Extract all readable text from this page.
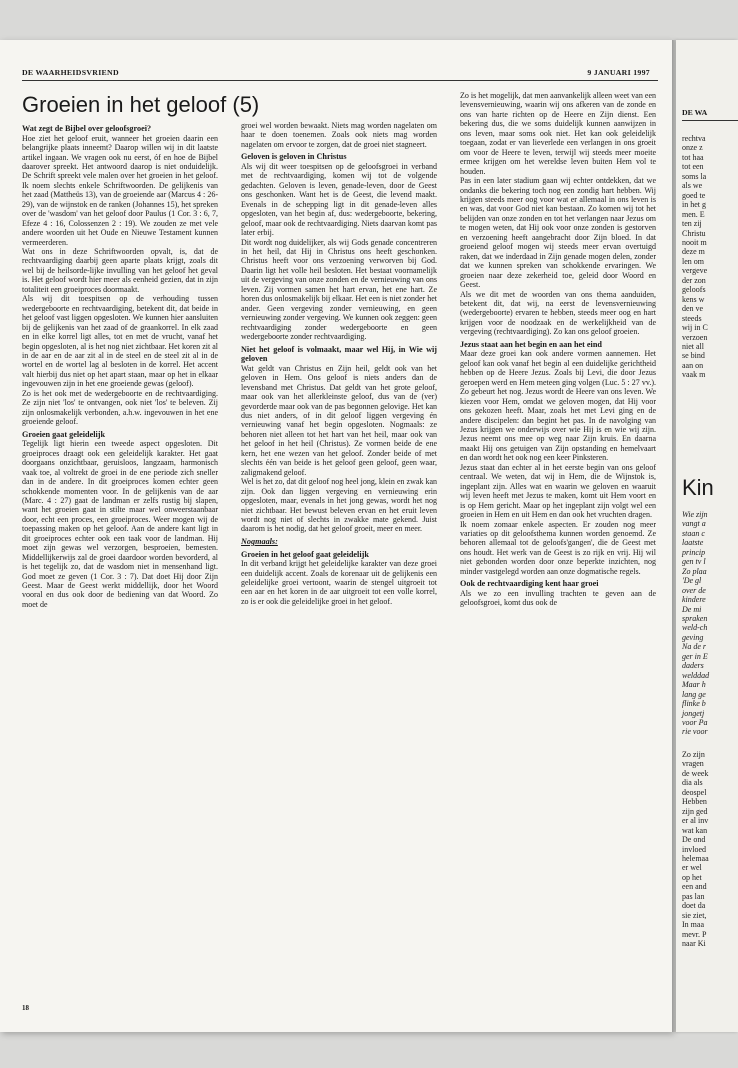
DE WA
rechtva
onze z
tot haa
tot een
soms la
als we
goed te
in het g
men. E
ten zij
Christu
nooit m
deze m
len om
vergeve
der zon
geloofs
kens w
den ve
steeds
wij in C
verzoen
niet all
se bind
aan on
vaak m
Kin
Wie zijn
vangt a
staan c
laatste
princip
gen tv l
Zo plaa
'De gl
over de
kindere
De mi
spraken
weld-ch
geving
Na de r
ger in E
daders
welddad
Maar h
lang ge
flinke b
jongetj
voor Pa
rie voor
Zo zijn
vragen
de week
dia als
deospel
Hebben
zijn ged
er al inv
wat kan
De ond
invloed
helemaa
er wel
op het
een and
pas lan
doet da
sie ziet,
In maa
mevr. P
naar Ki
DE WAARHEIDSVRIEND	9 JANUARI 1997
Groeien in het geloof (5)
Wat zegt de Bijbel over geloofsgroei?

Hoe ziet het geloof eruit, wanneer het groeien daarin een belangrijke plaats inneemt? Daarop willen wij in dit laatste artikel ingaan. We vragen ook nu eerst, óf en hoe de Bijbel daarover spreekt. Het antwoord daarop is niet onduidelijk. De Schrift spreekt vele malen over het groeien in het geloof. Ik noem slechts enkele Schriftwoorden. De gelijkenis van het zaad (Mattheüs 13), van de groeiende aar (Marcus 4 : 26-29), van de wijnstok en de ranken (Johannes 15), het spreken over de 'wasdom' van het geloof door Paulus (1 Cor. 3 : 6, 7, Efeze 4 : 16, Colossenzen 2 : 19). We zouden ze met vele andere woorden uit het Oude en Nieuwe Testament kunnen vermeerderen.

Wat ons in deze Schriftwoorden opvalt, is, dat de rechtvaardiging daarbij geen aparte plaats krijgt, zoals dit wel bij de heilsorde-lijke invulling van het geloof het geval is. Het geloof wordt hier meer als eenheid gezien, dat in zijn totaliteit een groeiproces doormaakt.

Als wij dit toespitsen op de verhouding tussen wedergeboorte en rechtvaardiging, betekent dit, dat beide in het geloof vast liggen opgesloten. We kunnen hier aansluiten bij de gelijkenis van het zaad of de graankorrel. In elk zaad en in elke korrel ligt alles, tot en met de vrucht, vanaf het begin opgesloten, al is het nog niet zichtbaar. Het koren zit al in de aar en de aar zit al in de steel en de steel zit al in de wortel en de wortel lag al besloten in de korrel. Het accent valt hierbij dus niet op het apart staan, maar op het in elkaar ingevouwen zijn in het ene groeiende gewas (geloof).

Zo is het ook met de wedergeboorte en de rechtvaardiging. Ze zijn niet 'los' te ontvangen, ook niet 'los' te beleven. Zij zijn onlosmakelijk verbonden, a.h.w. ingevouwen in het ene groeiende geloof.

Groeien gaat geleidelijk

Tegelijk ligt hierin een tweede aspect opgesloten. Dit groeiproces draagt ook een geleidelijk karakter. Het gaat doorgaans onzichtbaar, geruisloos, langzaam, harmonisch vaak toe, al voltrekt de groei in de ene periode zich sneller dan in de andere. In dit groeiproces komen echter geen schokkende momenten voor. In de gelijkenis van de aar (Marc. 4 : 27) gaat de landman er zelfs rustig bij slapen, want het groeien gaat in stilte maar wel onweerstaanbaar door, echt een proces, een groeiproces. Weer mogen wij de toepassing maken op het geloof. Aan de andere kant ligt in dit groeiproces echter ook een taak voor de landman. Hij moet zijn gewas wel verzorgen, besproeien, bemesten. Middellijkerwijs zal de groei daardoor worden bevorderd, al is het tegelijk zo, dat de wasdom niet in mensenhand ligt. God moet ze geven (1 Cor. 3 : 7). Dat doet Hij door Zijn Geest. Maar de Geest werkt middellijk, door het Woord vooral en dus ook door de bediening van dat Woord. Zo moet de

groei wel worden bewaakt. Niets mag worden nagelaten om haar te doen toenemen. Zoals ook niets mag worden nagelaten om ervoor te zorgen, dat de groei niet stagneert.

Geloven is geloven in Christus

Als wij dit weer toespitsen op de geloofsgroei in verband met de rechtvaardiging, komen wij tot de volgende gedachten. Geloven is leven, genade-leven, door de Geest ons geschonken. Want het is de Geest, die levend maakt. Evenals in de schepping ligt in dit genade-leven alles opgesloten, van het begin af, dus: wedergeboorte, bekering, geloof, maar ook de rechtvaardiging. Niets daarvan komt pas later erbij.

Dit wordt nog duidelijker, als wij Gods genade concentreren in het heil, dat Hij in Christus ons heeft geschonken. Christus heeft voor ons verzoening verworven bij God. Daarin ligt het volle heil besloten. Het bestaat voornamelijk uit de vergeving van onze zonden en de vernieuwing van ons leven. Zij vormen samen het hart ervan, het ene hart. Ze horen dus onlosmakelijk bij elkaar. Het een is niet zonder het ander. Geen vergeving zonder vernieuwing, en geen vernieuwing zonder vergeving. We kunnen ook zeggen: geen rechtvaardiging zonder wedergeboorte en geen wedergeboorte zonder rechtvaardiging.

Niet het geloof is volmaakt, maar wel Hij, in Wie wij geloven

Wat geldt van Christus en Zijn heil, geldt ook van het geloven in Hem. Ons geloof is niets anders dan de levensband met Christus. Dat geldt van het grote geloof, maar ook van het allerkleinste geloof, dus van de (ver) gevorderde maar ook van de pas begonnen gelovige. Het kan dus niet anders, of in dit geloof liggen vergeving én vernieuwing vanaf het begin opgesloten. Nogmaals: ze behoren niet alleen tot het hart van het heil, maar ook van het geloof in het heil (Christus). Ze vormen beide de ene kern, het ene wezen van het geloof. Zonder beide of met slechts één van beide is het geloof geen geloof, geen waar, zaligmakend geloof.

Wel is het zo, dat dit geloof nog heel jong, klein en zwak kan zijn. Ook dan liggen vergeving en vernieuwing erin opgesloten, maar, evenals in het jong gewas, wordt het nog niet zichtbaar. Het bewust beleven ervan en het eruit leven wordt nog niet of slechts in zwakke mate gekend. Juist daarom is het nodig, dat het geloof groeit, meer en meer.

Nogmaals:
Groeien in het geloof gaat geleidelijk

In dit verband krijgt het geleidelijke karakter van deze groei een duidelijk accent. Zoals de korenaar uit de gelijkenis een geleidelijke groei vertoont, waarin de stengel uitgroeit tot een aar en het koren in de aar uitgroeit tot een volle korrel, zo is er ook die geleidelijke groei in het geloof.

Zo is het mogelijk, dat men aanvankelijk alleen weet van een levensvernieuwing, waarin wij ons afkeren van de zonde en ons van harte richten op de Heere en Zijn dienst. Een bekering dus, die we soms duidelijk kunnen aanwijzen in ons leven, maar soms ook niet. Het kan ook geleidelijk toegaan, zodat er van lieverlede een verlangen in ons groeit om voor de Heere te leven, terwijl wij steeds meer moeite ermee krijgen om het wereldse leven buiten Hem vol te houden.

Pas in een later stadium gaan wij echter ontdekken, dat we ondanks die bekering toch nog een zondig hart hebben. Wij krijgen steeds meer oog voor wat er allemaal in ons leven is en was, dat voor God niet kan bestaan. Zo komen wij tot het belijden van onze zonden en tot het verlangen naar Jezus om te mogen weten, dat Hij ook voor onze zonden is gestorven en verzoening heeft aangebracht door Zijn bloed. In dat groeiend geloof mogen wij steeds meer ervan overtuigd raken, dat we inderdaad in Zijn genade mogen delen, zonder dat we kunnen spreken van schokkende ervaringen. We groeien naar deze zekerheid toe, geleid door Woord en Geest.

Als we dit met de woorden van ons thema aanduiden, betekent dit, dat wij, na eerst de levensvernieuwing (wedergeboorte) ervaren te hebben, steeds meer oog en hart krijgen voor de noodzaak en de werkelijkheid van de vergeving (rechtvaardiging). Zo kan ons geloof groeien.

Jezus staat aan het begin en aan het eind

Maar deze groei kan ook andere vormen aannemen. Het geloof kan ook vanaf het begin al een duidelijke gerichtheid hebben op de Heere Jezus. Zoals bij Levi, die door Jezus geroepen werd en Hem meteen ging volgen (Luc. 5 : 27 vv.). Zo gebeurt het nog. Jezus wordt de Heere van ons leven. We kiezen voor Hem, omdat we geloven mogen, dat Hij voor ons gekozen heeft. Maar, zoals het met Levi ging en de andere discipelen: dan begint het pas. In de navolging van Jezus krijgen we onderwijs over wie Hij is en wie wij zijn. Jezus neemt ons mee op weg naar Zijn kruis. En daarna maakt Hij ons getuigen van Zijn opstanding en hemelvaart en dan wordt het ook nog een keer Pinksteren.

Jezus staat dan echter al in het eerste begin van ons geloof centraal. We weten, dat wij in Hem, die de Wijnstok is, ingeplant zijn. Alles wat en waarin we geloven en waaruit wij leven heeft met Jezus te maken, komt uit Hem voort en is op Hem gericht. Maar op het ingeplant zijn volgt wel een groeien in Hem en uit Hem en dan ook het vruchten dragen.

Ik noem zomaar enkele aspecten. Er zouden nog meer variaties op dit geloofsthema kunnen worden genoemd. Ze behoren allemaal tot de geloofs'gangen', die de Geest met ons houdt. Het werk van de Geest is zo rijk en vrij. Hij wil niet gebonden worden door onze beperkte inzichten, nog minder vastgelegd worden aan onze dogmatische regels.

Ook de rechtvaardiging kent haar groei

Als we zo een invulling trachten te geven aan de geloofsgroei, komt dus ook de

18
